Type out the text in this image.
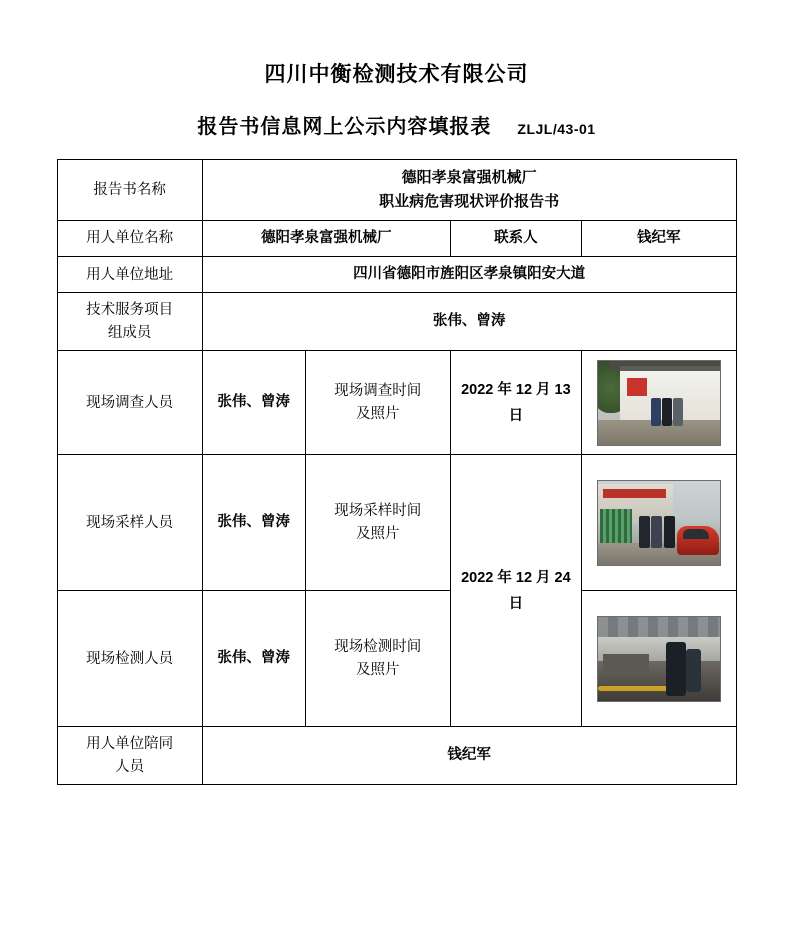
四川中衡检测技术有限公司
报告书信息网上公示内容填报表 ZLJL/43-01
报告书名称	德阳孝泉富强机械厂
职业病危害现状评价报告书			

用人单位名称	德阳孝泉富强机械厂		联系人	钱纪军
用人单位地址	四川省德阳市旌阳区孝泉镇阳安大道			

技术服务项目
组成员	张伟、曾涛			
现场调查人员	张伟、曾涛	现场调查时间
及照片	2022 年 12 月 13 日	

现场采样人员	张伟、曾涛	现场采样时间
及照片	2022 年 12 月 24 日	

现场检测人员	张伟、曾涛	现场检测时间
及照片		

用人单位陪同
人员	钱纪军			
